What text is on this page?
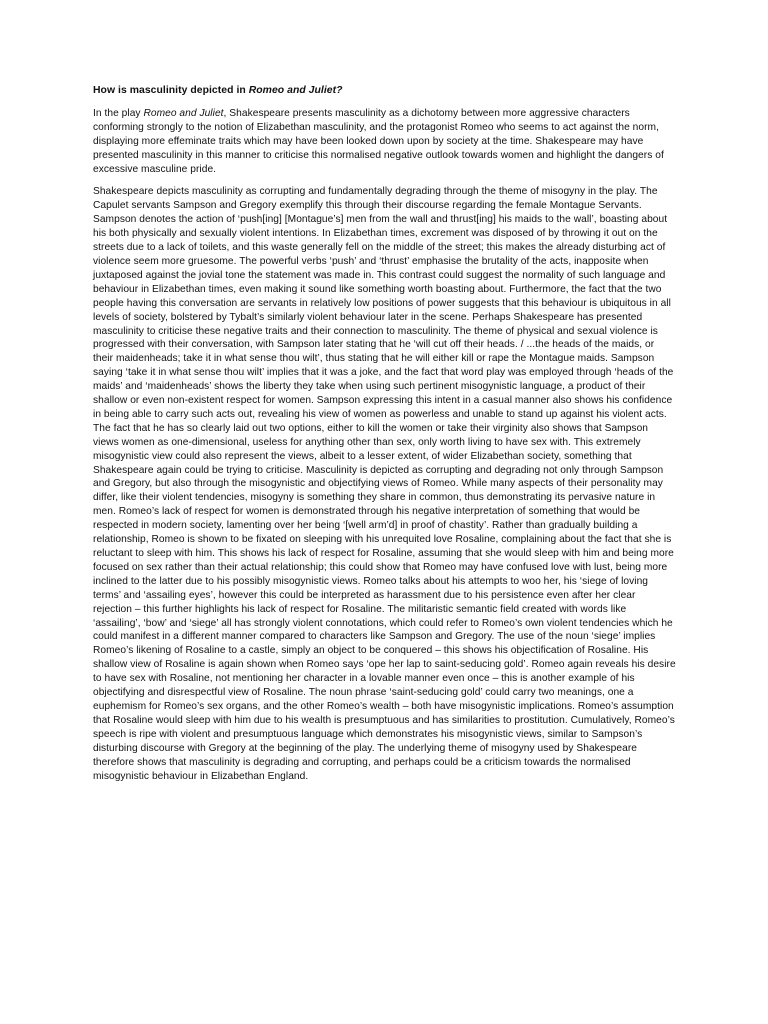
How is masculinity depicted in Romeo and Juliet?
In the play Romeo and Juliet, Shakespeare presents masculinity as a dichotomy between more aggressive characters conforming strongly to the notion of Elizabethan masculinity, and the protagonist Romeo who seems to act against the norm, displaying more effeminate traits which may have been looked down upon by society at the time. Shakespeare may have presented masculinity in this manner to criticise this normalised negative outlook towards women and highlight the dangers of excessive masculine pride.
Shakespeare depicts masculinity as corrupting and fundamentally degrading through the theme of misogyny in the play. The Capulet servants Sampson and Gregory exemplify this through their discourse regarding the female Montague Servants. Sampson denotes the action of ‘push[ing] [Montague’s] men from the wall and thrust[ing] his maids to the wall’, boasting about his both physically and sexually violent intentions. In Elizabethan times, excrement was disposed of by throwing it out on the streets due to a lack of toilets, and this waste generally fell on the middle of the street; this makes the already disturbing act of violence seem more gruesome. The powerful verbs ‘push’ and ‘thrust’ emphasise the brutality of the acts, inapposite when juxtaposed against the jovial tone the statement was made in. This contrast could suggest the normality of such language and behaviour in Elizabethan times, even making it sound like something worth boasting about. Furthermore, the fact that the two people having this conversation are servants in relatively low positions of power suggests that this behaviour is ubiquitous in all levels of society, bolstered by Tybalt’s similarly violent behaviour later in the scene. Perhaps Shakespeare has presented masculinity to criticise these negative traits and their connection to masculinity. The theme of physical and sexual violence is progressed with their conversation, with Sampson later stating that he ‘will cut off their heads. / ...the heads of the maids, or their maidenheads; take it in what sense thou wilt’, thus stating that he will either kill or rape the Montague maids. Sampson saying ‘take it in what sense thou wilt’ implies that it was a joke, and the fact that word play was employed through ‘heads of the maids’ and ‘maidenheads’ shows the liberty they take when using such pertinent misogynistic language, a product of their shallow or even non-existent respect for women. Sampson expressing this intent in a casual manner also shows his confidence in being able to carry such acts out, revealing his view of women as powerless and unable to stand up against his violent acts. The fact that he has so clearly laid out two options, either to kill the women or take their virginity also shows that Sampson views women as one-dimensional, useless for anything other than sex, only worth living to have sex with. This extremely misogynistic view could also represent the views, albeit to a lesser extent, of wider Elizabethan society, something that Shakespeare again could be trying to criticise. Masculinity is depicted as corrupting and degrading not only through Sampson and Gregory, but also through the misogynistic and objectifying views of Romeo. While many aspects of their personality may differ, like their violent tendencies, misogyny is something they share in common, thus demonstrating its pervasive nature in men. Romeo’s lack of respect for women is demonstrated through his negative interpretation of something that would be respected in modern society, lamenting over her being ‘[well arm’d] in proof of chastity’. Rather than gradually building a relationship, Romeo is shown to be fixated on sleeping with his unrequited love Rosaline, complaining about the fact that she is reluctant to sleep with him. This shows his lack of respect for Rosaline, assuming that she would sleep with him and being more focused on sex rather than their actual relationship; this could show that Romeo may have confused love with lust, being more inclined to the latter due to his possibly misogynistic views. Romeo talks about his attempts to woo her, his ‘siege of loving terms’ and ‘assailing eyes’, however this could be interpreted as harassment due to his persistence even after her clear rejection – this further highlights his lack of respect for Rosaline. The militaristic semantic field created with words like ‘assailing’, ‘bow’ and ‘siege’ all has strongly violent connotations, which could refer to Romeo’s own violent tendencies which he could manifest in a different manner compared to characters like Sampson and Gregory. The use of the noun ‘siege’ implies Romeo’s likening of Rosaline to a castle, simply an object to be conquered – this shows his objectification of Rosaline. His shallow view of Rosaline is again shown when Romeo says ‘ope her lap to saint-seducing gold’. Romeo again reveals his desire to have sex with Rosaline, not mentioning her character in a lovable manner even once – this is another example of his objectifying and disrespectful view of Rosaline. The noun phrase ‘saint-seducing gold’ could carry two meanings, one a euphemism for Romeo’s sex organs, and the other Romeo’s wealth – both have misogynistic implications. Romeo’s assumption that Rosaline would sleep with him due to his wealth is presumptuous and has similarities to prostitution. Cumulatively, Romeo’s speech is ripe with violent and presumptuous language which demonstrates his misogynistic views, similar to Sampson’s disturbing discourse with Gregory at the beginning of the play. The underlying theme of misogyny used by Shakespeare therefore shows that masculinity is degrading and corrupting, and perhaps could be a criticism towards the normalised misogynistic behaviour in Elizabethan England.
